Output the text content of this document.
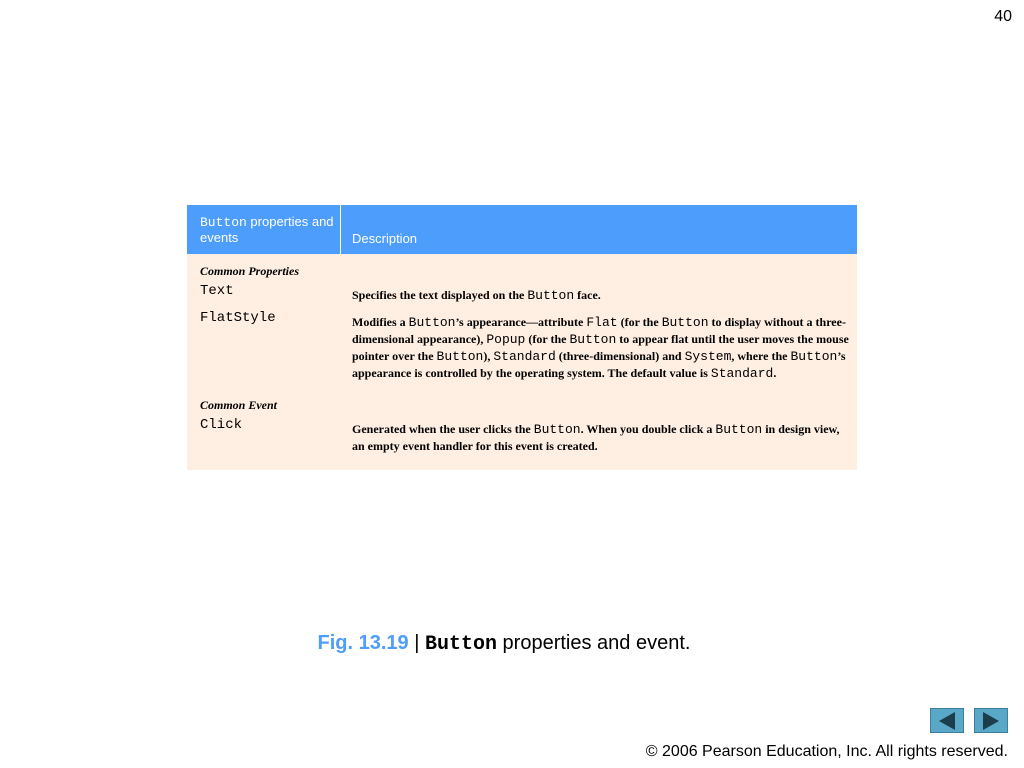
40
Button properties and events	Description
Common Properties
Text	Specifies the text displayed on the Button face.
FlatStyle	Modifies a Button’s appearance—attribute Flat (for the Button to display without a three-dimensional appearance), Popup (for the Button to appear flat until the user moves the mouse pointer over the Button), Standard (three-dimensional) and System, where the Button’s appearance is controlled by the operating system. The default value is Standard.
Common Event
Click	Generated when the user clicks the Button. When you double click a Button in design view, an empty event handler for this event is created.
Fig. 13.19 | Button properties and event.
© 2006 Pearson Education, Inc. All rights reserved.
